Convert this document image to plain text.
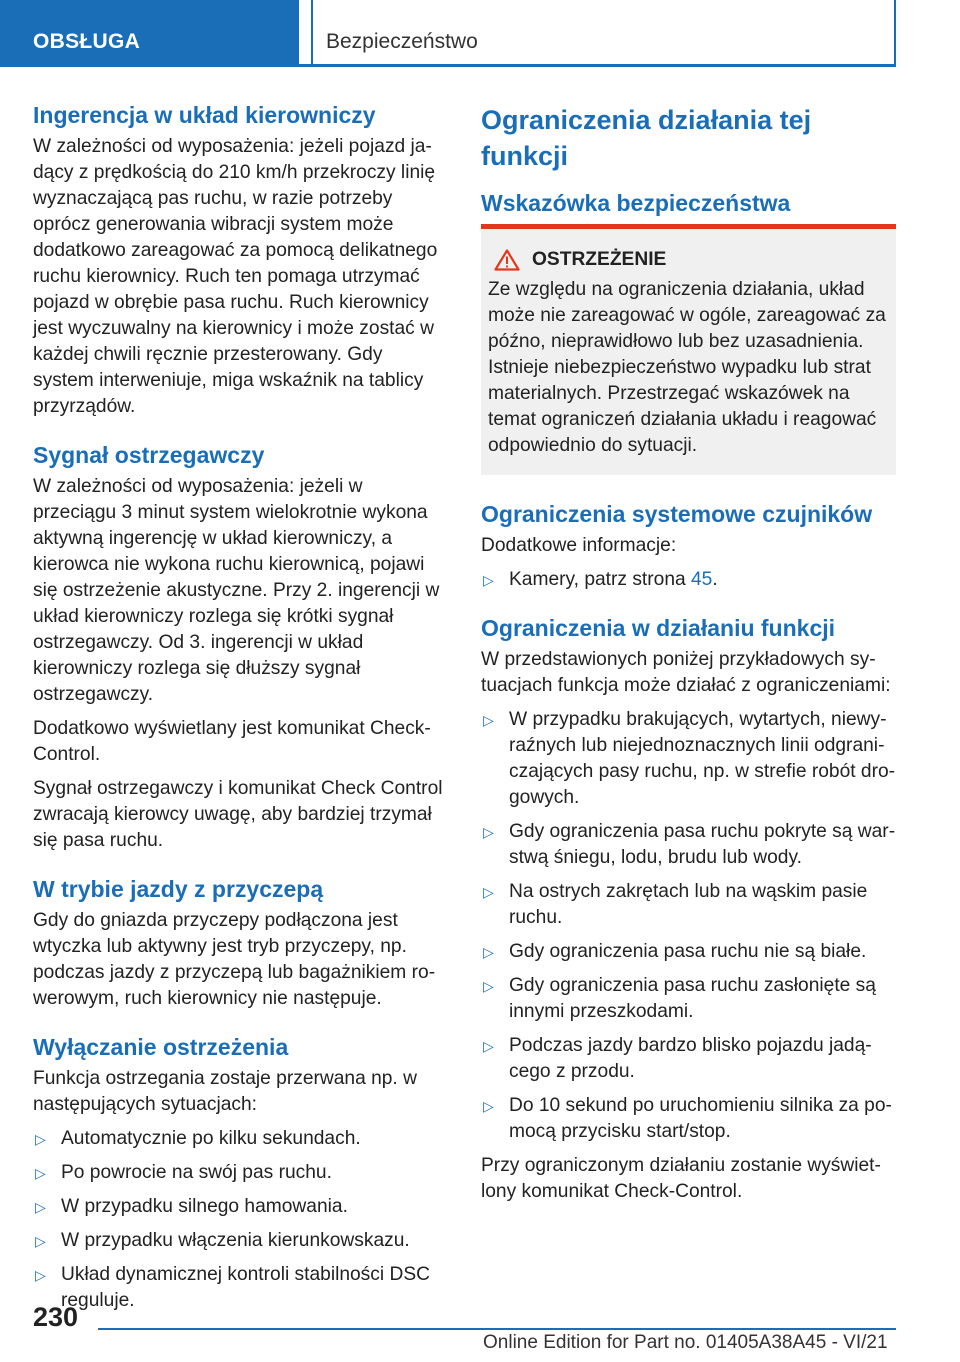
OBSŁUGA	Bezpieczeństwo
Ingerencja w układ kierowniczy

W zależności od wyposażenia: jeżeli pojazd jadący z prędkością do 210 km/h przekroczy linię wyznaczającą pas ruchu, w razie potrzeby oprócz generowania wibracji system może dodatkowo zareagować za pomocą delikatnego ruchu kierownicy. Ruch ten pomaga utrzymać pojazd w obrębie pasa ruchu. Ruch kierownicy jest wyczuwalny na kierownicy i może zostać w każdej chwili ręcznie przesterowany. Gdy system interweniuje, miga wskaźnik na tablicy przyrządów.

Sygnał ostrzegawczy

W zależności od wyposażenia: jeżeli w przeciągu 3 minut system wielokrotnie wykona aktywną ingerencję w układ kierowniczy, a kierowca nie wykona ruchu kierownicą, pojawi się ostrzeżenie akustyczne. Przy 2. ingerencji w układ kierowniczy rozlega się krótki sygnał ostrzegawczy. Od 3. ingerencji w układ kierowniczy rozlega się dłuższy sygnał ostrzegawczy.

Dodatkowo wyświetlany jest komunikat Check-Control.

Sygnał ostrzegawczy i komunikat Check Control zwracają kierowcy uwagę, aby bardziej trzymał się pasa ruchu.

W trybie jazdy z przyczepą

Gdy do gniazda przyczepy podłączona jest wtyczka lub aktywny jest tryb przyczepy, np. podczas jazdy z przyczepą lub bagażnikiem rowerowym, ruch kierownicy nie następuje.

Wyłączanie ostrzeżenia

Funkcja ostrzegania zostaje przerwana np. w następujących sytuacjach:

▷ Automatycznie po kilku sekundach.
▷ Po powrocie na swój pas ruchu.
▷ W przypadku silnego hamowania.
▷ W przypadku włączenia kierunkowskazu.
▷ Układ dynamicznej kontroli stabilności DSC reguluje.
Ograniczenia działania tej funkcji
Wskazówka bezpieczeństwa
OSTRZEŻENIE

Ze względu na ograniczenia działania, układ może nie zareagować w ogóle, zareagować za późno, nieprawidłowo lub bez uzasadnienia. Istnieje niebezpieczeństwo wypadku lub strat materialnych. Przestrzegać wskazówek na temat ograniczeń działania układu i reagować odpowiednio do sytuacji.

Ograniczenia systemowe czujników

Dodatkowe informacje:

▷ Kamery, patrz strona 45.
Ograniczenia w działaniu funkcji

W przedstawionych poniżej przykładowych sytuacjach funkcja może działać z ograniczeniami:

▷ W przypadku brakujących, wytartych, niewyraźnych lub niejednoznacznych linii odgraniczających pasy ruchu, np. w strefie robót drogowych.
▷ Gdy ograniczenia pasa ruchu pokryte są warstwą śniegu, lodu, brudu lub wody.
▷ Na ostrych zakrętach lub na wąskim pasie ruchu.
▷ Gdy ograniczenia pasa ruchu nie są białe.
▷ Gdy ograniczenia pasa ruchu zasłonięte są innymi przeszkodami.
▷ Podczas jazdy bardzo blisko pojazdu jadącego z przodu.
▷ Do 10 sekund po uruchomieniu silnika za pomocą przycisku start/stop.

Przy ograniczonym działaniu zostanie wyświetlony komunikat Check-Control.

230
Online Edition for Part no. 01405A38A45 - VI/21
